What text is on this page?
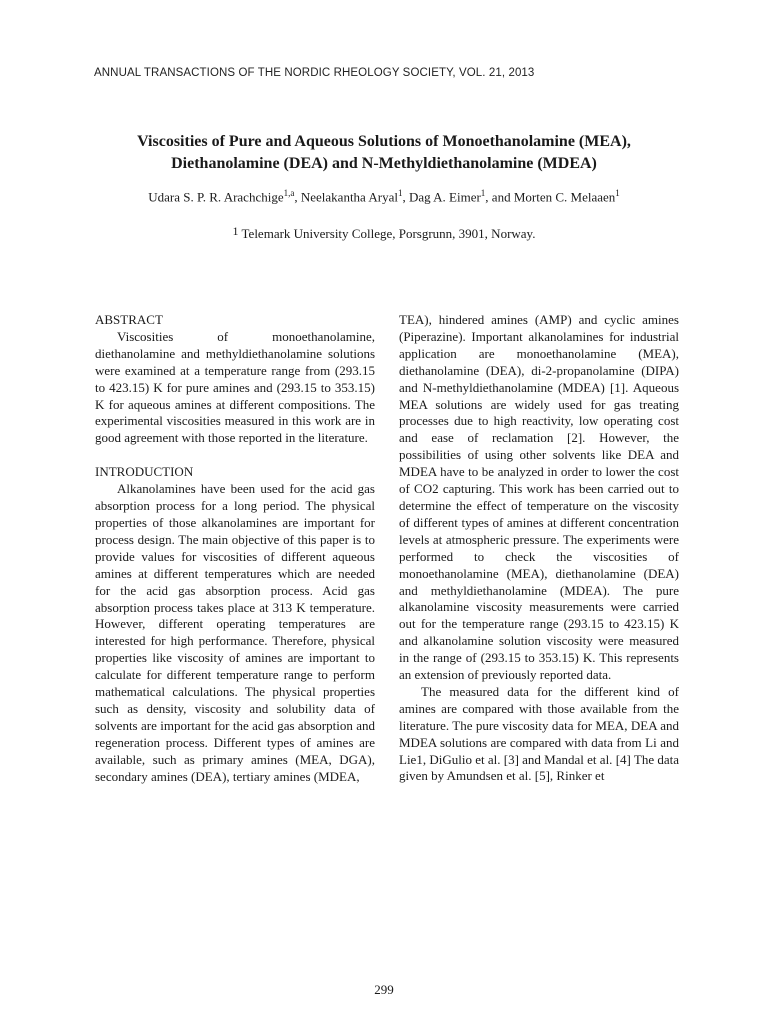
ANNUAL TRANSACTIONS OF THE NORDIC RHEOLOGY SOCIETY, VOL. 21, 2013
Viscosities of Pure and Aqueous Solutions of Monoethanolamine (MEA),
Diethanolamine (DEA) and N-Methyldiethanolamine (MDEA)
Udara S. P. R. Arachchige$^{1,a}$, Neelakantha Aryal$^1$, Dag A. Eimer$^1$, and Morten C. Melaaen$^1$
$^1$ Telemark University College, Porsgrunn, 3901, Norway.

ABSTRACT

Viscosities of monoethanolamine, diethanolamine and methyldiethanolamine solutions were examined at a temperature range from (293.15 to 423.15) K for pure amines and (293.15 to 353.15) K for aqueous amines at different compositions. The experimental viscosities measured in this work are in good agreement with those reported in the literature.

INTRODUCTION

Alkanolamines have been used for the acid gas absorption process for a long period. The physical properties of those alkanolamines are important for process design. The main objective of this paper is to provide values for viscosities of different aqueous amines at different temperatures which are needed for the acid gas absorption process. Acid gas absorption process takes place at 313 K temperature. However, different operating temperatures are interested for high performance. Therefore, physical properties like viscosity of amines are important to calculate for different temperature range to perform mathematical calculations. The physical properties such as density, viscosity and solubility data of solvents are important for the acid gas absorption and regeneration process. Different types of amines are available, such as primary amines (MEA, DGA), secondary amines (DEA), tertiary amines (MDEA,

TEA), hindered amines (AMP) and cyclic amines (Piperazine). Important alkanolamines for industrial application are monoethanolamine (MEA), diethanolamine (DEA), di-2-propanolamine (DIPA) and N-methyldiethanolamine (MDEA) [1]. Aqueous MEA solutions are widely used for gas treating processes due to high reactivity, low operating cost and ease of reclamation [2]. However, the possibilities of using other solvents like DEA and MDEA have to be analyzed in order to lower the cost of CO2 capturing. This work has been carried out to determine the effect of temperature on the viscosity of different types of amines at different concentration levels at atmospheric pressure. The experiments were performed to check the viscosities of monoethanolamine (MEA), diethanolamine (DEA) and methyldiethanolamine (MDEA). The pure alkanolamine viscosity measurements were carried out for the temperature range (293.15 to 423.15) K and alkanolamine solution viscosity were measured in the range of (293.15 to 353.15) K. This represents an extension of previously reported data.

The measured data for the different kind of amines are compared with those available from the literature. The pure viscosity data for MEA, DEA and MDEA solutions are compared with data from Li and Lie1, DiGulio et al. [3] and Mandal et al. [4] The data given by Amundsen et al. [5], Rinker et

299
